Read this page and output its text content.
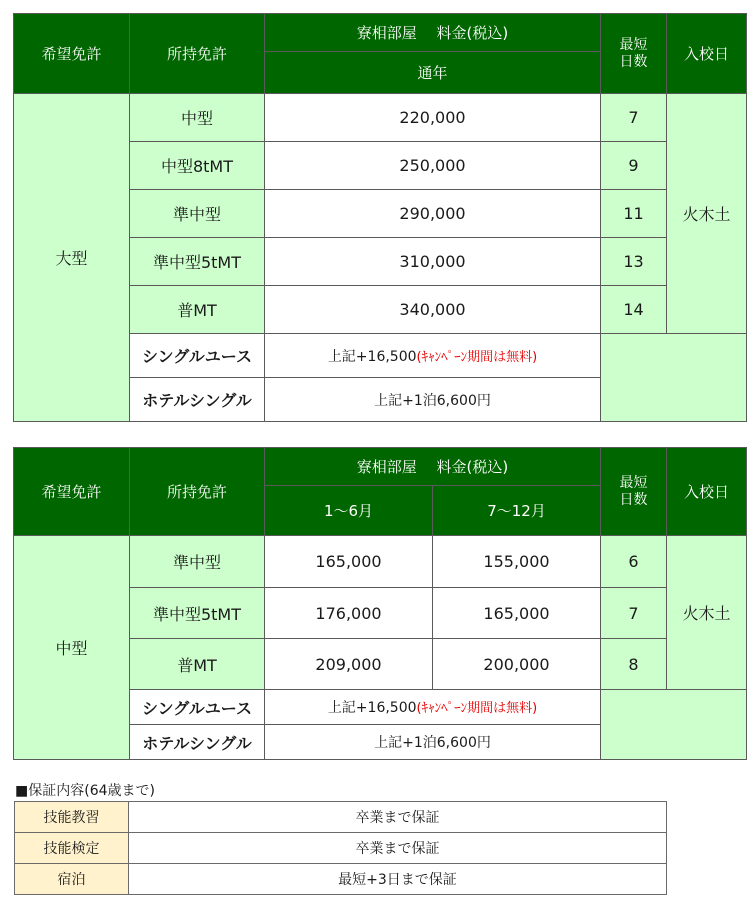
希望免許	所持免許	寮相部屋　 料金(税込)	最短日数	入校日
		通年		
大型	中型	220,000	7	火木土
	中型8tMT	250,000	9	
	準中型	290,000	11	
	準中型5tMT	310,000	13	
	普MT	340,000	14	
	シングルユース	上記+16,500(ｷｬﾝﾍﾟｰﾝ期間は無料)		
	ホテルシングル	上記+1泊6,600円		
希望免許	所持免許	寮相部屋　 料金(税込)		最短日数	入校日
		1～6月	7～12月		
中型	準中型	165,000	155,000	6	火木土
	準中型5tMT	176,000	165,000	7	
	普MT	209,000	200,000	8	
	シングルユース	上記+16,500(ｷｬﾝﾍﾟｰﾝ期間は無料)			
	ホテルシングル	上記+1泊6,600円			
■保証内容(64歳まで)
技能教習	卒業まで保証
技能検定	卒業まで保証
宿泊	最短+3日まで保証
